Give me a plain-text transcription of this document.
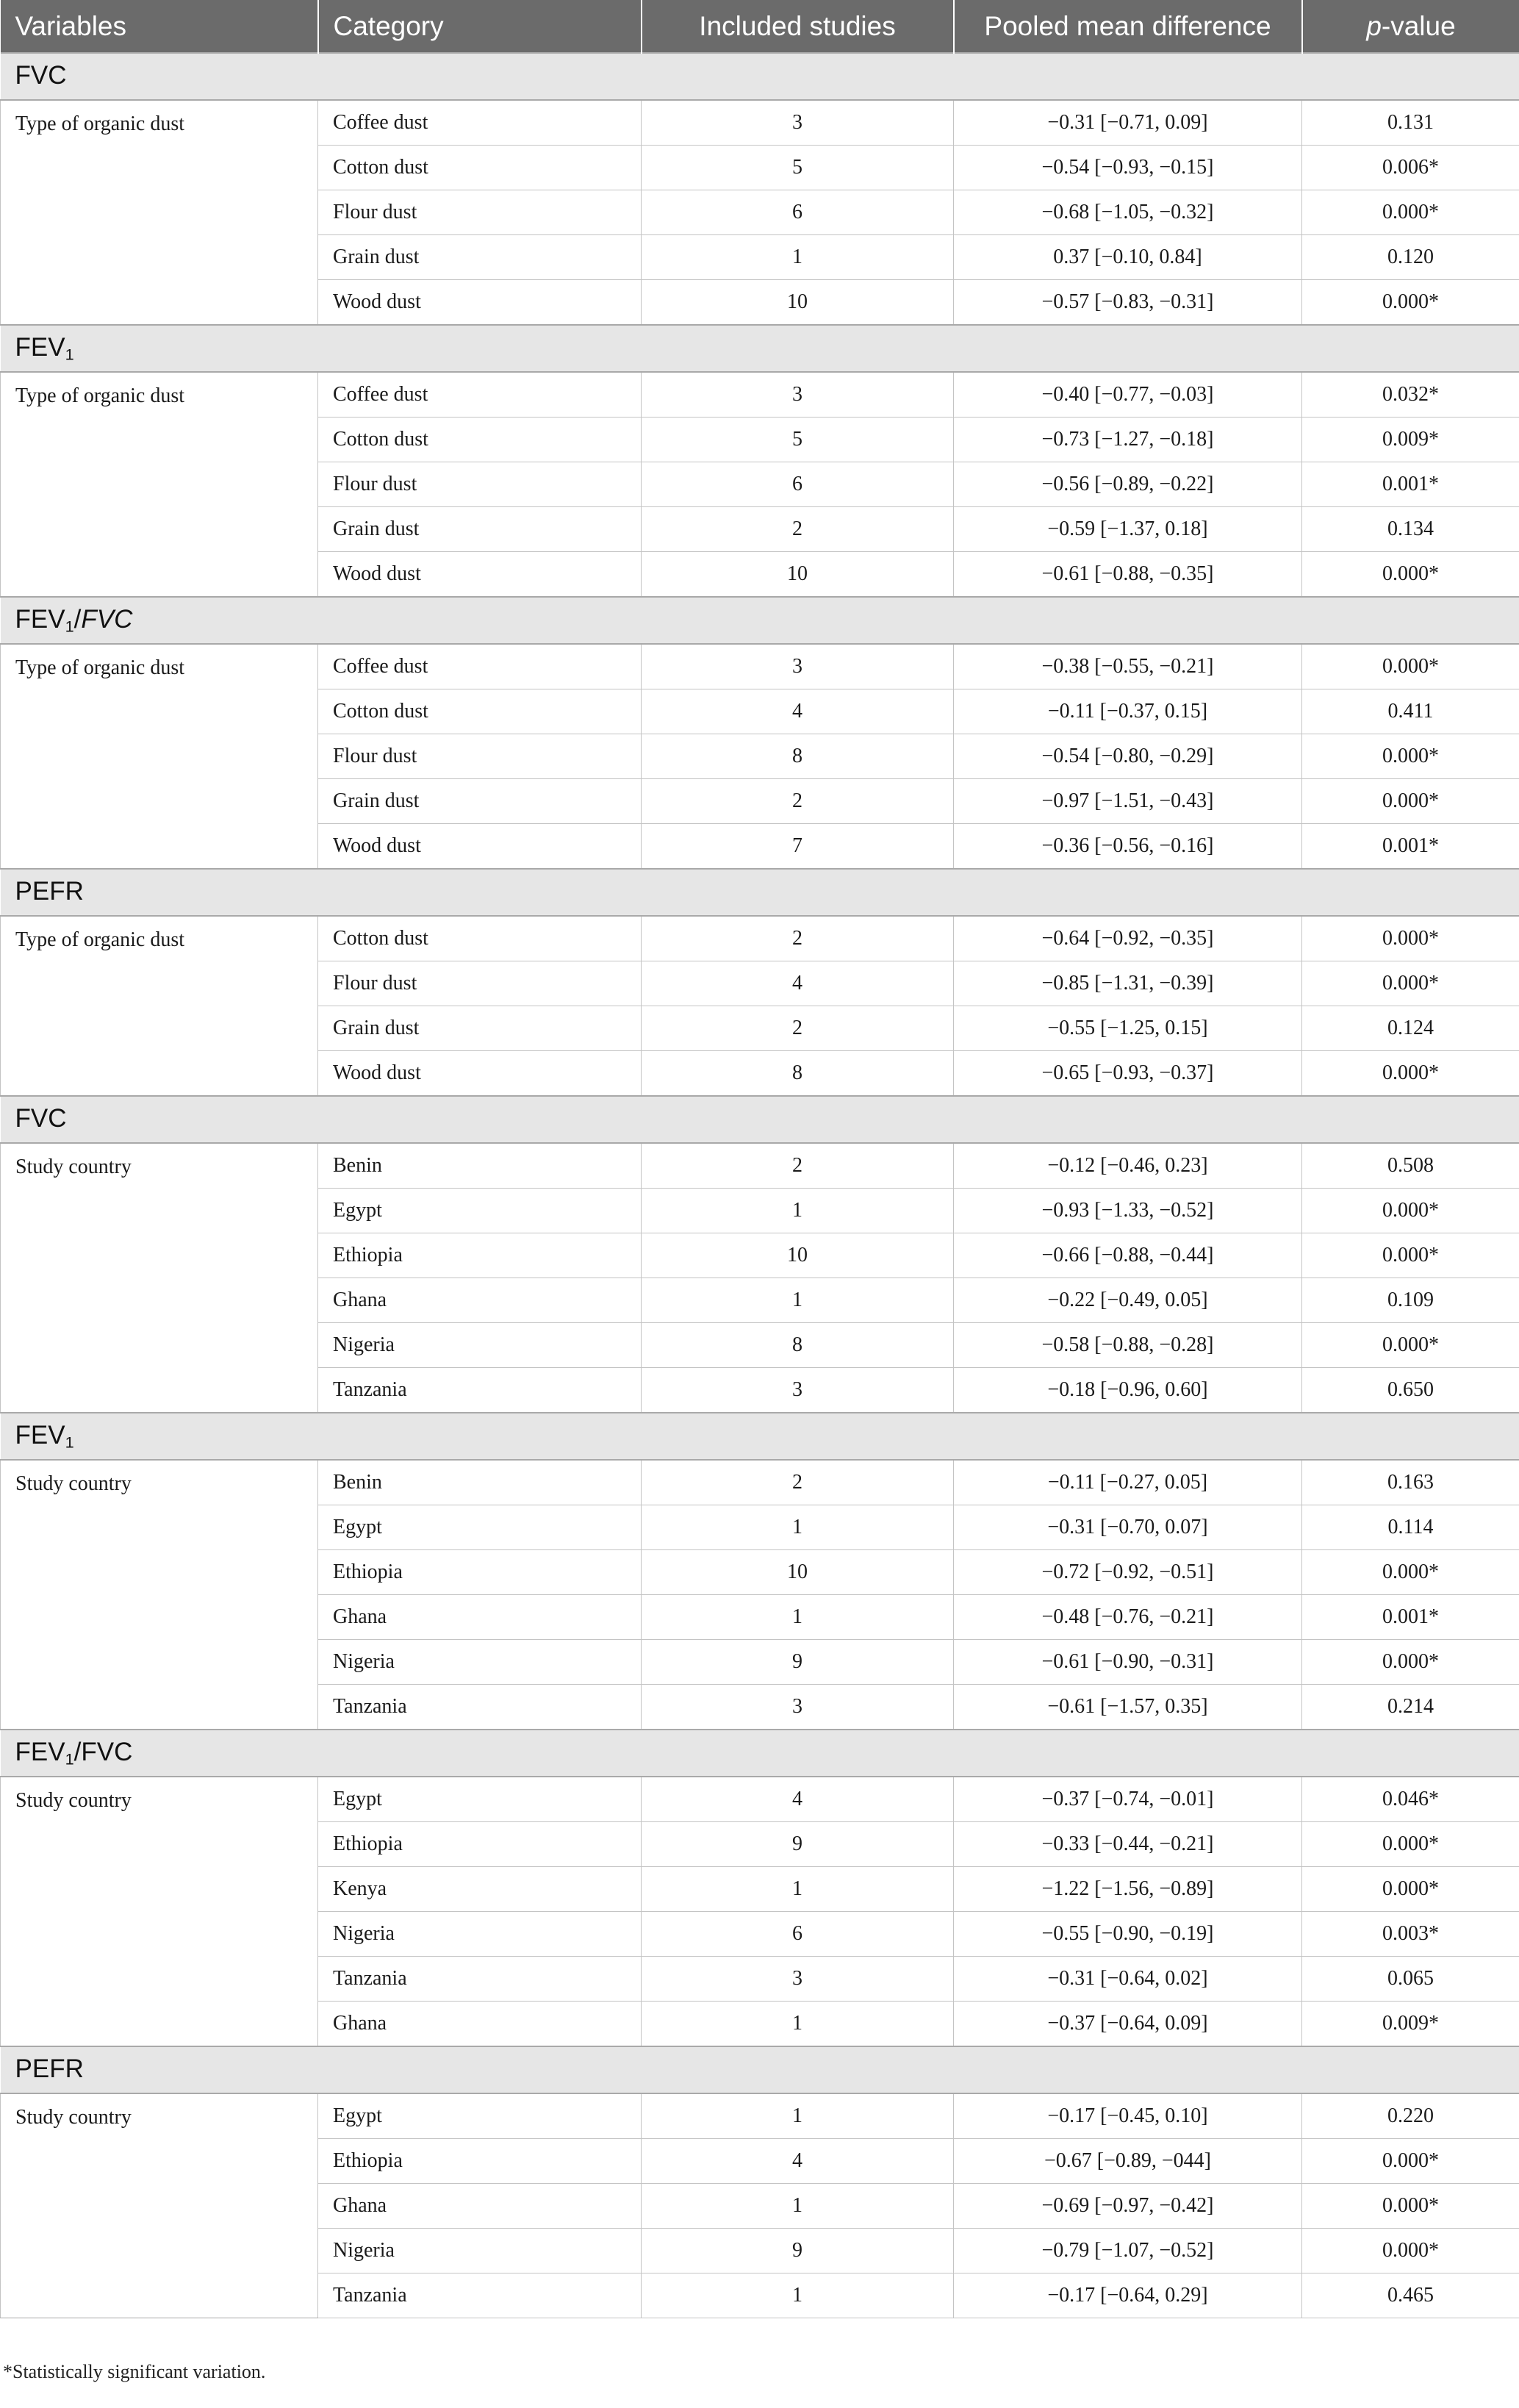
Variables	Category	Included studies	Pooled mean difference	p-value
FVC				
Type of organic dust	Coffee dust	3	−0.31 [−0.71, 0.09]	0.131
	Cotton dust	5	−0.54 [−0.93, −0.15]	0.006*
	Flour dust	6	−0.68 [−1.05, −0.32]	0.000*
	Grain dust	1	0.37 [−0.10, 0.84]	0.120
	Wood dust	10	−0.57 [−0.83, −0.31]	0.000*
$FEV_1$
Type of organic dust	Coffee dust	3	−0.40 [−0.77, −0.03]	0.032*
	Cotton dust	5	−0.73 [−1.27, −0.18]	0.009*
	Flour dust	6	−0.56 [−0.89, −0.22]	0.001*
	Grain dust	2	−0.59 [−1.37, 0.18]	0.134
	Wood dust	10	−0.61 [−0.88, −0.35]	0.000*
$FEV_1$/FVC				
Type of organic dust	Coffee dust	3	−0.38 [−0.55, −0.21]	0.000*
	Cotton dust	4	−0.11 [−0.37, 0.15]	0.411
	Flour dust	8	−0.54 [−0.80, −0.29]	0.000*
	Grain dust	2	−0.97 [−1.51, −0.43]	0.000*
	Wood dust	7	−0.36 [−0.56, −0.16]	0.001*
PEFR				
Type of organic dust	Cotton dust	2	−0.64 [−0.92, −0.35]	0.000*
	Flour dust	4	−0.85 [−1.31, −0.39]	0.000*
	Grain dust	2	−0.55 [−1.25, 0.15]	0.124
	Wood dust	8	−0.65 [−0.93, −0.37]	0.000*
FVC				
Study country	Benin	2	−0.12 [−0.46, 0.23]	0.508
	Egypt	1	−0.93 [−1.33, −0.52]	0.000*
	Ethiopia	10	−0.66 [−0.88, −0.44]	0.000*
	Ghana	1	−0.22 [−0.49, 0.05]	0.109
	Nigeria	8	−0.58 [−0.88, −0.28]	0.000*
	Tanzania	3	−0.18 [−0.96, 0.60]	0.650
$FEV_1$
Study country	Benin	2	−0.11 [−0.27, 0.05]	0.163
	Egypt	1	−0.31 [−0.70, 0.07]	0.114
	Ethiopia	10	−0.72 [−0.92, −0.51]	0.000*
	Ghana	1	−0.48 [−0.76, −0.21]	0.001*
	Nigeria	9	−0.61 [−0.90, −0.31]	0.000*
	Tanzania	3	−0.61 [−1.57, 0.35]	0.214
$FEV_1$/FVC				
Study country	Egypt	4	−0.37 [−0.74, −0.01]	0.046*
	Ethiopia	9	−0.33 [−0.44, −0.21]	0.000*
	Kenya	1	−1.22 [−1.56, −0.89]	0.000*
	Nigeria	6	−0.55 [−0.90, −0.19]	0.003*
	Tanzania	3	−0.31 [−0.64, 0.02]	0.065
	Ghana	1	−0.37 [−0.64, 0.09]	0.009*
PEFR				
Study country	Egypt	1	−0.17 [−0.45, 0.10]	0.220
	Ethiopia	4	−0.67 [−0.89, −044]	0.000*
	Ghana	1	−0.69 [−0.97, −0.42]	0.000*
	Nigeria	9	−0.79 [−1.07, −0.52]	0.000*
	Tanzania	1	−0.17 [−0.64, 0.29]	0.465
*Statistically significant variation.
